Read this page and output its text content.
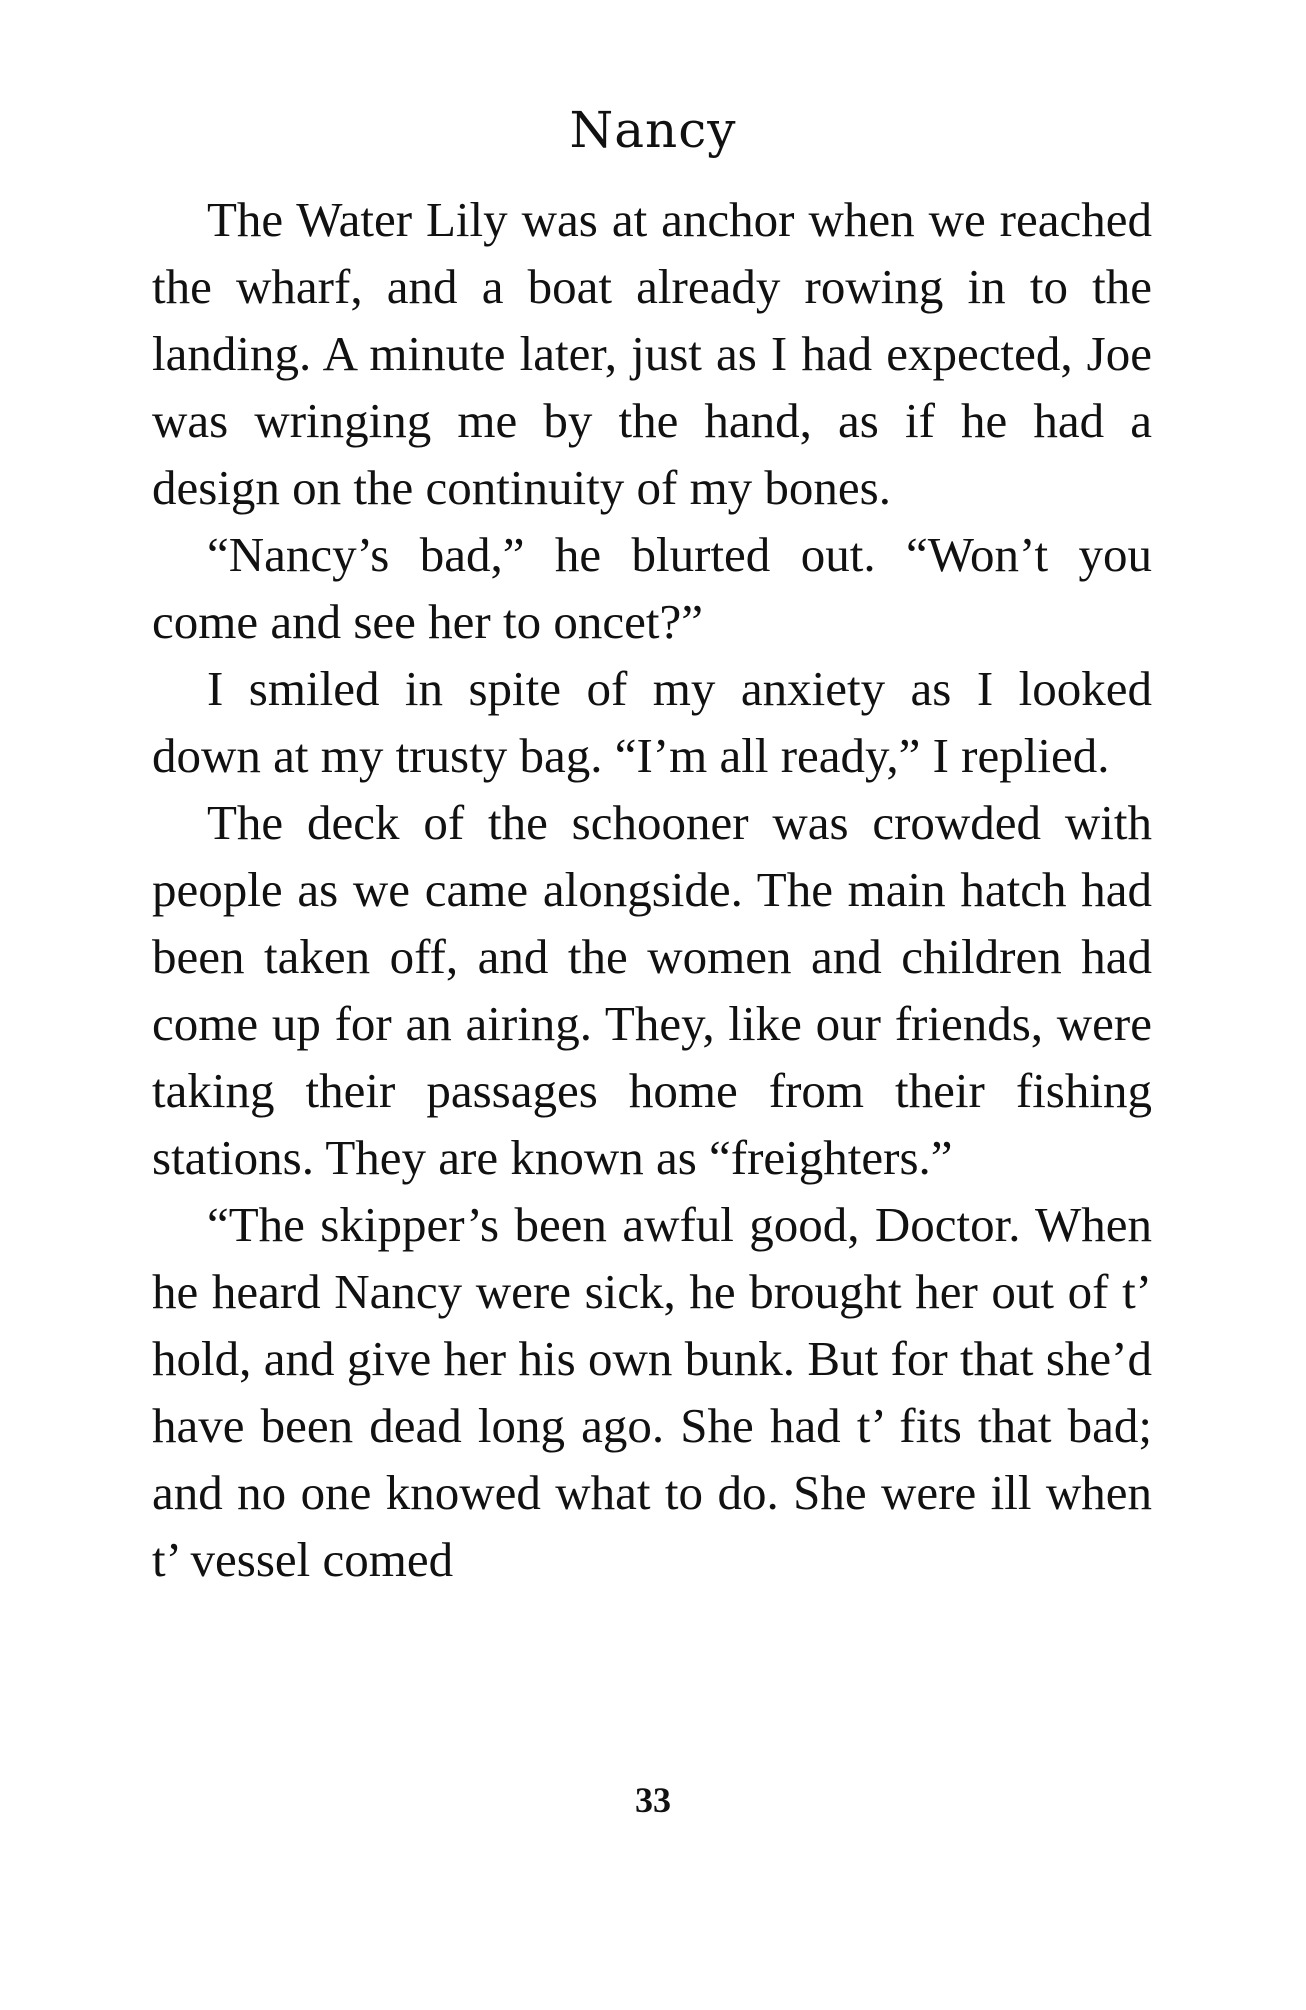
Nancy

The Water Lily was at anchor when we reached the wharf, and a boat already rowing in to the landing. A minute later, just as I had expected, Joe was wringing me by the hand, as if he had a design on the continuity of my bones.

“Nancy’s bad,” he blurted out. “Won’t you come and see her to oncet?”

I smiled in spite of my anxiety as I looked down at my trusty bag. “I’m all ready,” I replied.

The deck of the schooner was crowded with people as we came alongside. The main hatch had been taken off, and the women and children had come up for an airing. They, like our friends, were taking their passages home from their fishing stations. They are known as “freighters.”

“The skipper’s been awful good, Doctor. When he heard Nancy were sick, he brought her out of t’ hold, and give her his own bunk. But for that she’d have been dead long ago. She had t’ fits that bad; and no one knowed what to do. She were ill when t’ vessel comed

33
